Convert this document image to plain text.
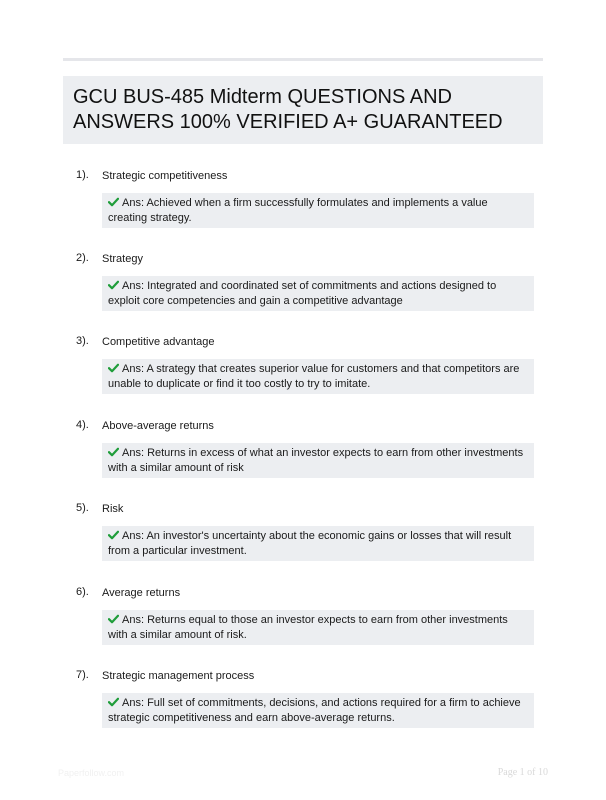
GCU BUS-485 Midterm QUESTIONS AND ANSWERS 100% VERIFIED A+ GUARANTEED
1). Strategic competitiveness
Ans: Achieved when a firm successfully formulates and implements a value creating strategy.
2). Strategy
Ans: Integrated and coordinated set of commitments and actions designed to exploit core competencies and gain a competitive advantage
3). Competitive advantage
Ans: A strategy that creates superior value for customers and that competitors are unable to duplicate or find it too costly to try to imitate.
4). Above-average returns
Ans: Returns in excess of what an investor expects to earn from other investments with a similar amount of risk
5). Risk
Ans: An investor's uncertainty about the economic gains or losses that will result from a particular investment.
6). Average returns
Ans: Returns equal to those an investor expects to earn from other investments with a similar amount of risk.
7). Strategic management process
Ans: Full set of commitments, decisions, and actions required for a firm to achieve strategic competitiveness and earn above-average returns.
Paperfollow.com	Page 1 of 10
